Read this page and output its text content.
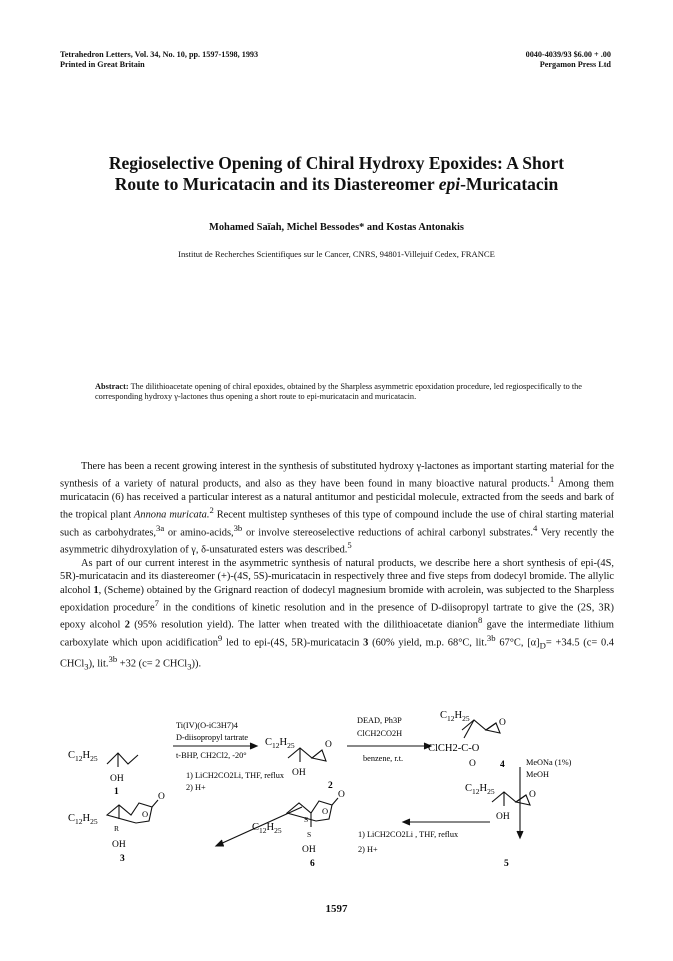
Tetrahedron Letters, Vol. 34, No. 10, pp. 1597-1598, 1993
Printed in Great Britain
0040-4039/93 $6.00 + .00
Pergamon Press Ltd
Regioselective Opening of Chiral Hydroxy Epoxides: A Short
Route to Muricatacin and its Diastereomer epi-Muricatacin
Mohamed Saïah, Michel Bessodes* and Kostas Antonakis
Institut de Recherches Scientifiques sur le Cancer, CNRS, 94801-Villejuif Cedex, FRANCE
Abstract: The dilithioacetate opening of chiral epoxides, obtained by the Sharpless asymmetric epoxidation procedure, led regiospecifically to the corresponding hydroxy γ-lactones thus opening a short route to epi-muricatacin and muricatacin.

There has been a recent growing interest in the synthesis of substituted hydroxy γ-lactones as important starting material for the synthesis of a variety of natural products, and also as they have been found in many bioactive natural products.$^1$ Among them muricatacin (6) has received a particular interest as a natural antitumor and pesticidal molecule, extracted from the seeds and bark of the tropical plant Annona muricata.$^2$ Recent multistep syntheses of this type of compound include the use of chiral starting material such as carbohydrates,$^{3a}$ or amino-acids,$^{3b}$ or involve stereoselective reductions of achiral carbonyl substrates.$^4$ Very recently the asymmetric dihydroxylation of γ, δ-unsaturated esters was described.$^5$

As part of our current interest in the asymmetric synthesis of natural products, we describe here a short synthesis of epi-(4S, 5R)-muricatacin and its diastereomer (+)-(4S, 5S)-muricatacin in respectively three and five steps from dodecyl bromide. The allylic alcohol 1, (Scheme) obtained by the Grignard reaction of dodecyl magnesium bromide with acrolein, was subjected to the Sharpless epoxidation procedure$^7$ in the conditions of kinetic resolution and in the presence of D-diisopropyl tartrate to give the (2S, 3R) epoxy alcohol 2 (95% resolution yield). The latter when treated with the dilithioacetate dianion$^8$ gave the intermediate lithium carboxylate which upon acidification$^9$ led to epi-(4S, 5R)-muricatacin 3 (60% yield, m.p. 68°C, lit.$^{3b}$ 67°C, $[\alpha]_D= +34.5$ (c= 0.4 CHCl$_3$), lit.$^{3b}$ +32 (c= 2 CHCl$_3$)).

$C_{12}H_{25}$
OH
1
Ti(IV)(O-iC3H7)4
D-diisopropyl tartrate
t-BHP, CH2Cl2, -20°
$C_{12}H_{25}$	O
OH
2
DEAD, Ph3P
ClCH2CO2H
benzene, r.t.
$C_{12}H_{25}$	O
ClCH2-C-O
O	4	MeONa (1%)
MeOH
1) LiCH2CO2Li, THF, reflux
2) H+
$C_{12}H_{25}$
O
O
R
OH
3
$C_{12}H_{25}$
O
O
S
S
OH
6
1) LiCH2CO2Li , THF, reflux
2) H+
$C_{12}H_{25}$	O
OH
5
1597
